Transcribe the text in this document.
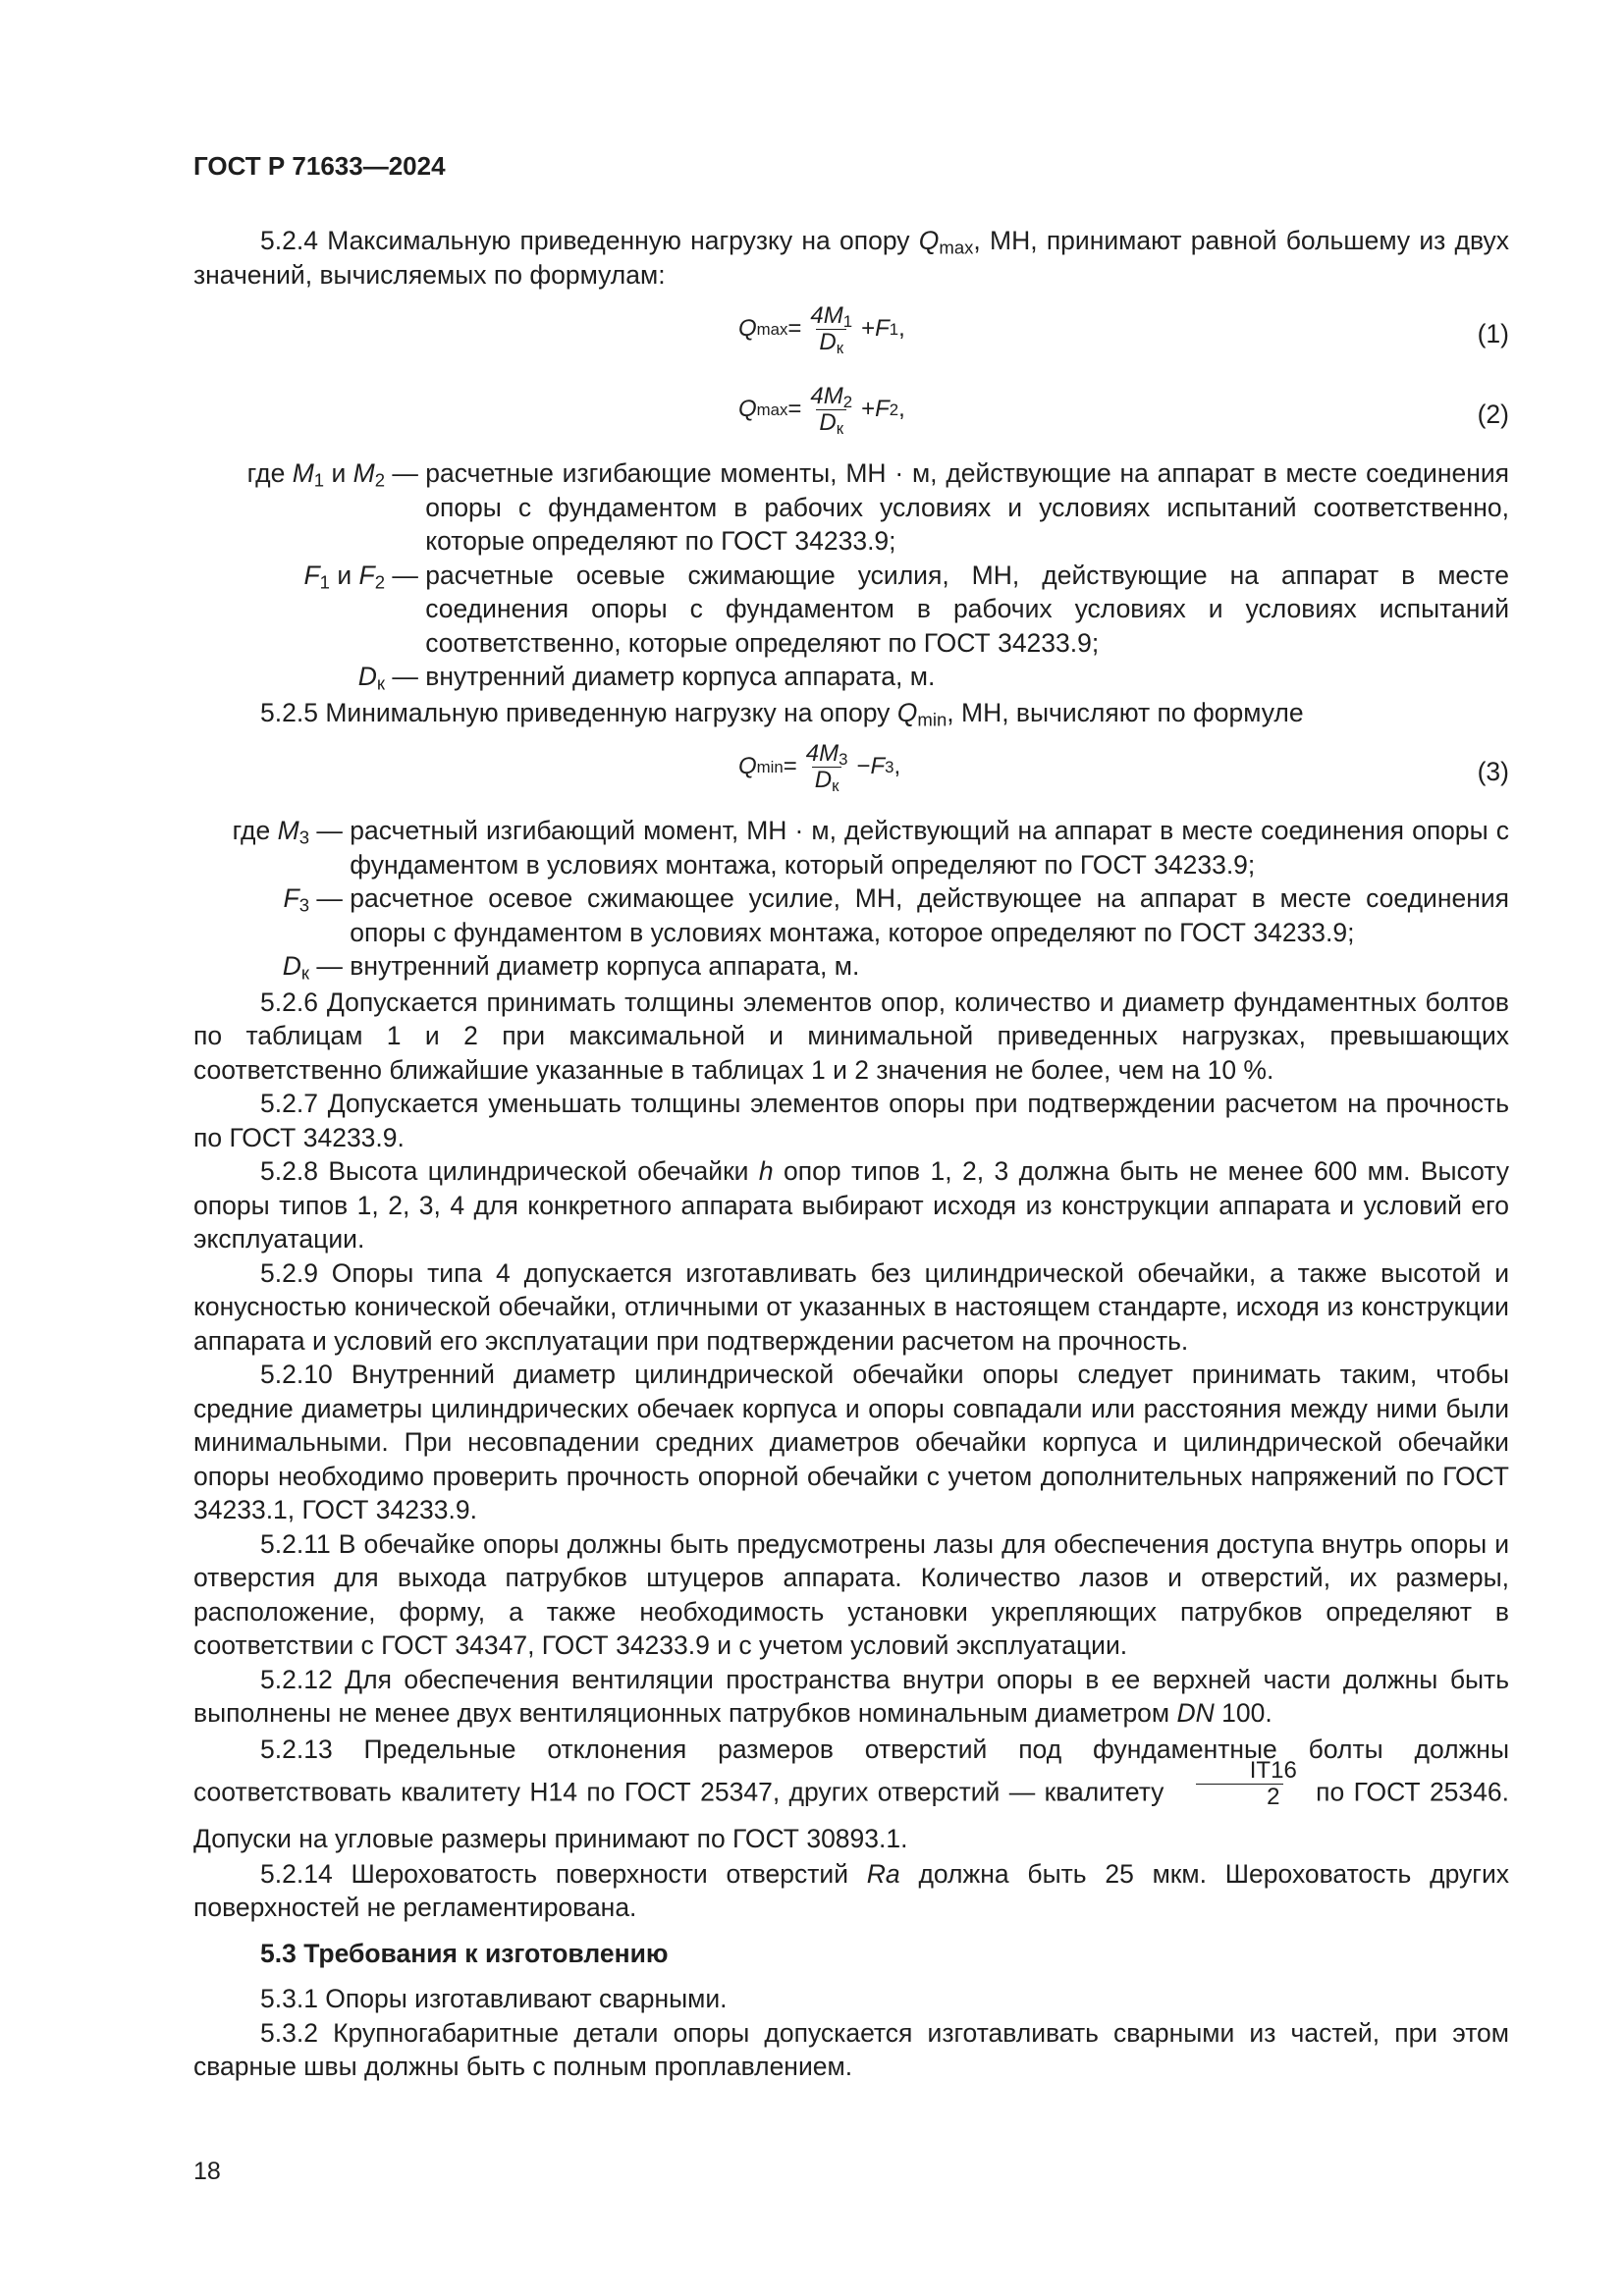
ГОСТ Р 71633—2024

5.2.4 Максимальную приведенную нагрузку на опору $Q_{max}$, МН, принимают равной большему из двух значений, вычисляемых по формулам:

Q $\max = \frac{4M_1}{D_к} + F$ 1 ,	(1)
Q $\max = \frac{4M_2}{D_к} + F$ 2 ,	(2)
где $M_1$ и $M_2$ — расчетные изгибающие моменты, МН · м, действующие на аппарат в месте соединения опоры с фундаментом в рабочих условиях и условиях испытаний соответственно, которые определяют по ГОСТ 34233.9;
$F_1$ и $F_2$ — расчетные осевые сжимающие усилия, МН, действующие на аппарат в месте соединения опоры с фундаментом в рабочих условиях и условиях испытаний соответственно, которые определяют по ГОСТ 34233.9;
$D_к$ — внутренний диаметр корпуса аппарата, м.

5.2.5 Минимальную приведенную нагрузку на опору $Q_{min}$, МН, вычисляют по формуле

Q $\min = \frac{4M_3}{D_к} - F$ 3 ,	(3)
где $M_3$ — расчетный изгибающий момент, МН · м, действующий на аппарат в месте соединения опоры с фундаментом в условиях монтажа, который определяют по ГОСТ 34233.9;
$F_3$ — расчетное осевое сжимающее усилие, МН, действующее на аппарат в месте соединения опоры с фундаментом в условиях монтажа, которое определяют по ГОСТ 34233.9;
$D_к$ — внутренний диаметр корпуса аппарата, м.

5.2.6 Допускается принимать толщины элементов опор, количество и диаметр фундаментных болтов по таблицам 1 и 2 при максимальной и минимальной приведенных нагрузках, превышающих соответственно ближайшие указанные в таблицах 1 и 2 значения не более, чем на 10 %.

5.2.7 Допускается уменьшать толщины элементов опоры при подтверждении расчетом на прочность по ГОСТ 34233.9.

5.2.8 Высота цилиндрической обечайки h опор типов 1, 2, 3 должна быть не менее 600 мм. Высоту опоры типов 1, 2, 3, 4 для конкретного аппарата выбирают исходя из конструкции аппарата и условий его эксплуатации.

5.2.9 Опоры типа 4 допускается изготавливать без цилиндрической обечайки, а также высотой и конусностью конической обечайки, отличными от указанных в настоящем стандарте, исходя из конструкции аппарата и условий его эксплуатации при подтверждении расчетом на прочность.

5.2.10 Внутренний диаметр цилиндрической обечайки опоры следует принимать таким, чтобы средние диаметры цилиндрических обечаек корпуса и опоры совпадали или расстояния между ними были минимальными. При несовпадении средних диаметров обечайки корпуса и цилиндрической обечайки опоры необходимо проверить прочность опорной обечайки с учетом дополнительных напряжений по ГОСТ 34233.1, ГОСТ 34233.9.

5.2.11 В обечайке опоры должны быть предусмотрены лазы для обеспечения доступа внутрь опоры и отверстия для выхода патрубков штуцеров аппарата. Количество лазов и отверстий, их размеры, расположение, форму, а также необходимость установки укрепляющих патрубков определяют в соответствии с ГОСТ 34347, ГОСТ 34233.9 и с учетом условий эксплуатации.

5.2.12 Для обеспечения вентиляции пространства внутри опоры в ее верхней части должны быть выполнены не менее двух вентиляционных патрубков номинальным диаметром DN 100.

5.2.13 Предельные отклонения размеров отверстий под фундаментные болты должны соответствовать квалитету Н14 по ГОСТ 25347, других отверстий — квалитету $\frac{IT16}{2}$ по ГОСТ 25346. Допуски на угловые размеры принимают по ГОСТ 30893.1.

5.2.14 Шероховатость поверхности отверстий Ra должна быть 25 мкм. Шероховатость других поверхностей не регламентирована.

5.3 Требования к изготовлению

5.3.1 Опоры изготавливают сварными.

5.3.2 Крупногабаритные детали опоры допускается изготавливать сварными из частей, при этом сварные швы должны быть с полным проплавлением.

18
